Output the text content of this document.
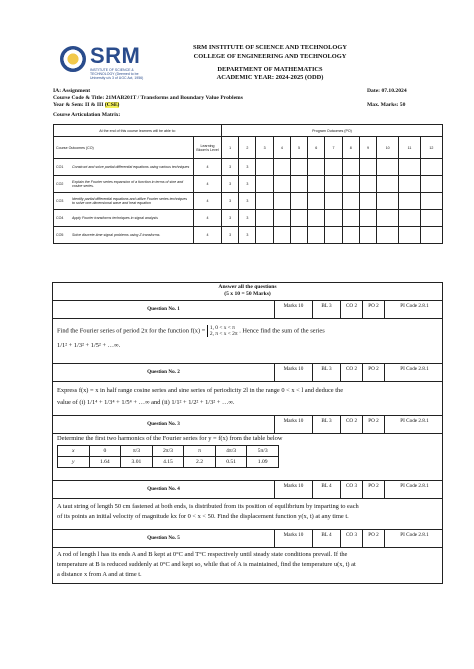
SRM
INSTITUTE OF SCIENCE & TECHNOLOGY (Deemed to be University u/s 3 of UGC Act, 1956)
SRM INSTITUTE OF SCIENCE AND TECHNOLOGY
COLLEGE OF ENGINEERING AND TECHNOLOGY
DEPARTMENT OF MATHEMATICS
ACADEMIC YEAR: 2024-2025 (ODD)
IA: Assignment	Date: 07.10.2024
Course Code & Title: 21MAB201T / Transforms and Boundary Value Problems
Year & Sem: II & III (CSE)	Max. Marks: 50
Course Articulation Matrix:
At the end of this course learners will be able to:		Program Outcomes (PO)											
Course Outcomes (CO)	Learning Bloom's Level	1	2	3	4	5	6	7	8	9	10	11	12
CO1 Construct and solve partial differential equations using various techniques	4	3	3										
CO2Explain the Fourier series expansion of a function in terms of sine and cosine series.	4	3	3										
CO3Identify partial differential equations and utilize Fourier series techniques to solve one-dimensional wave and heat equation	4	3	3										
CO4 Apply Fourier transforms techniques in signal analysis	4	3	3										
CO5 Solve discrete-time signal problems using Z transforms.	4	3	3										
Answer all the questions
(5 x 10 = 50 Marks)
Question No. 1	Marks 10	BL 3	CO 2	PO 2	PI Code 2.8.1
Find the Fourier series of period 2π for the function f(x) = 1, 0 < x < π
2, π < x < 2π . Hence find the sum of the series
1/1² + 1/3² + 1/5² + …∞.
Question No. 2	Marks 10	BL 3	CO 2	PO 2	PI Code 2.8.1
Express f(x) = x in half range cosine series and sine series of periodicity 2l in the range 0 < x < l and deduce the
value of (i) 1/1⁴ + 1/3⁴ + 1/5⁴ + …∞ and (ii) 1/1² + 1/2² + 1/3² + …∞.
Question No. 3	Marks 10	BL 3	CO 2	PO 2	PI Code 2.8.1
Determine the first two harmonics of the Fourier series for y = f(x) from the table below
x	0	π/3	2π/3	π	4π/3	5π/3
y	1.64	3.01	4.15	2.2	0.51	1.09
Question No. 4	Marks 10	BL 4	CO 3	PO 2	PI Code 2.8.1
A taut string of length 50 cm fastened at both ends, is distributed from its position of equilibrium by imparting to each
of its points an initial velocity of magnitude kx for 0 < x < 50. Find the displacement function y(x, t) at any time t.
Question No. 5	Marks 10	BL 4	CO 3	PO 2	PI Code 2.8.1
A rod of length l has its ends A and B kept at 0°C and T°C respectively until steady state conditions prevail. If the
temperature at B is reduced suddenly at 0°C and kept so, while that of A is maintained, find the temperature u(x, t) at
a distance x from A and at time t.
